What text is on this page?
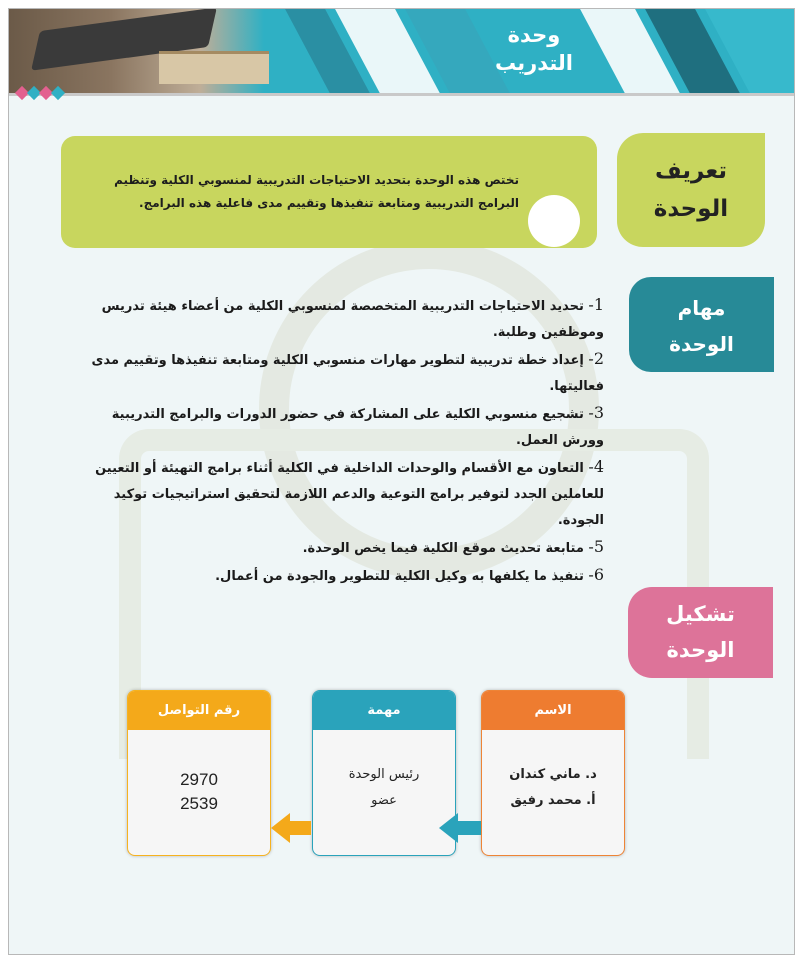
وحدة
التدريب
تختص هذه الوحدة بتحديد الاحتياجات التدريبية لمنسوبي الكلية وتنظيم البرامج التدريبية ومتابعة تنفيذها وتقييم مدى فاعلية هذه البرامج.
تعريف
الوحدة
مهام
الوحدة
1- تحديد الاحتياجات التدريبية المتخصصة لمنسوبي الكلية من أعضاء هيئة تدريس وموظفين وطلبة.
2- إعداد خطة تدريبية لتطوير مهارات منسوبي الكلية ومتابعة تنفيذها وتقييم مدى فعاليتها.
3- تشجيع منسوبي الكلية على المشاركة في حضور الدورات والبرامج التدريبية وورش العمل.
4- التعاون مع الأقسام والوحدات الداخلية في الكلية أثناء برامج التهيئة أو التعيين للعاملين الجدد لتوفير برامج التوعية والدعم اللازمة لتحقيق استراتيجيات توكيد الجودة.
5- متابعة تحديث موقع الكلية فيما يخص الوحدة.
6- تنفيذ ما يكلفها به وكيل الكلية للتطوير والجودة من أعمال.
تشكيل
الوحدة
الاسم
د. ماني كندان
أ. محمد رفيق
مهمة
رئيس الوحدة
عضو
رقم التواصل
2970
2539
